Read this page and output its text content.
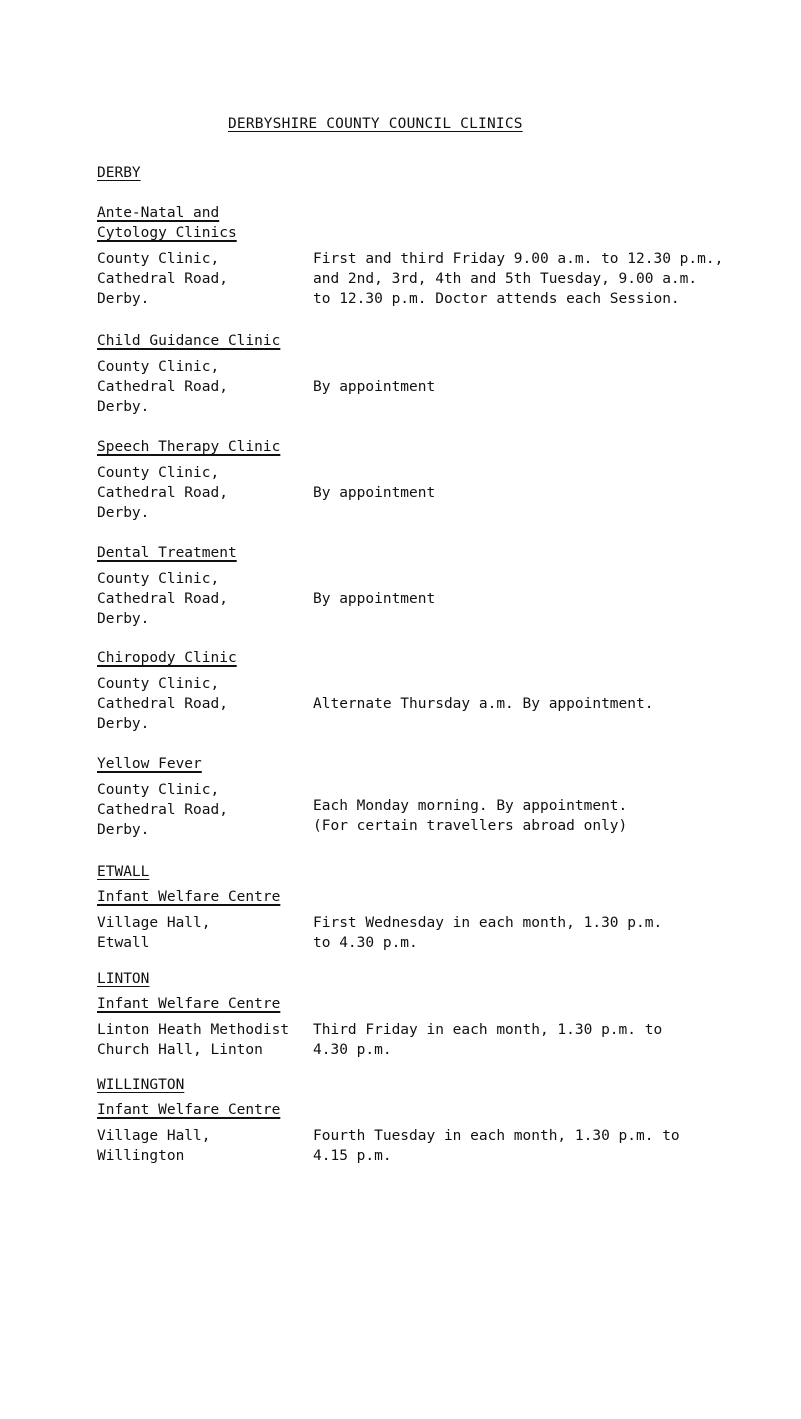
DERBYSHIRE COUNTY COUNCIL CLINICS
DERBY
Ante-Natal and
Cytology Clinics
County Clinic,
Cathedral Road,
Derby.
First and third Friday 9.00 a.m. to 12.30 p.m.,
and 2nd, 3rd, 4th and 5th Tuesday, 9.00 a.m.
to 12.30 p.m. Doctor attends each Session.
Child Guidance Clinic
County Clinic,
Cathedral Road,
Derby.
By appointment
Speech Therapy Clinic
County Clinic,
Cathedral Road,
Derby.
By appointment
Dental Treatment
County Clinic,
Cathedral Road,
Derby.
By appointment
Chiropody Clinic
County Clinic,
Cathedral Road,
Derby.
Alternate Thursday a.m. By appointment.
Yellow Fever
County Clinic,
Cathedral Road,
Derby.
Each Monday morning. By appointment.
(For certain travellers abroad only)
ETWALL
Infant Welfare Centre
Village Hall,
Etwall
First Wednesday in each month, 1.30 p.m.
to 4.30 p.m.
LINTON
Infant Welfare Centre
Linton Heath Methodist
Church Hall, Linton
Third Friday in each month, 1.30 p.m. to
4.30 p.m.
WILLINGTON
Infant Welfare Centre
Village Hall,
Willington
Fourth Tuesday in each month, 1.30 p.m. to
4.15 p.m.
